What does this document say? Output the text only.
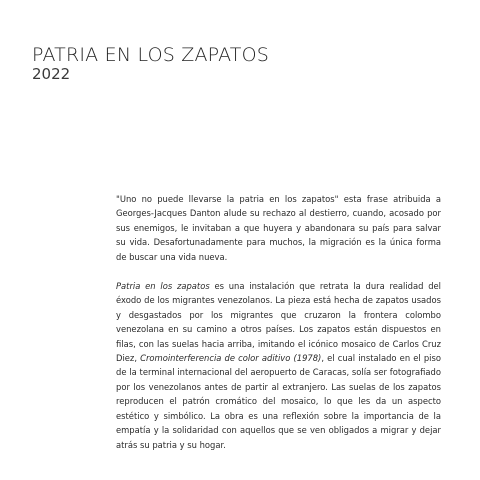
PATRIA EN LOS ZAPATOS
2022

"Uno no puede llevarse la patria en los zapatos" esta frase atribuida a Georges-Jacques Danton alude su rechazo al destierro, cuando, acosado por sus enemigos, le invitaban a que huyera y abandonara su país para salvar su vida. Desafortunadamente para muchos, la migración es la única forma de buscar una vida nueva.

Patria en los zapatos es una instalación que retrata la dura realidad del éxodo de los migrantes venezolanos. La pieza está hecha de zapatos usados y desgastados por los migrantes que cruzaron la frontera colombo venezolana en su camino a otros países. Los zapatos están dispuestos en filas, con las suelas hacia arriba, imitando el icónico mosaico de Carlos Cruz Diez, Cromointerferencia de color aditivo (1978), el cual instalado en el piso de la terminal internacional del aeropuerto de Caracas, solía ser fotografiado por los venezolanos antes de partir al extranjero. Las suelas de los zapatos reproducen el patrón cromático del mosaico, lo que les da un aspecto estético y simbólico. La obra es una reflexión sobre la importancia de la empatía y la solidaridad con aquellos que se ven obligados a migrar y dejar atrás su patria y su hogar.
